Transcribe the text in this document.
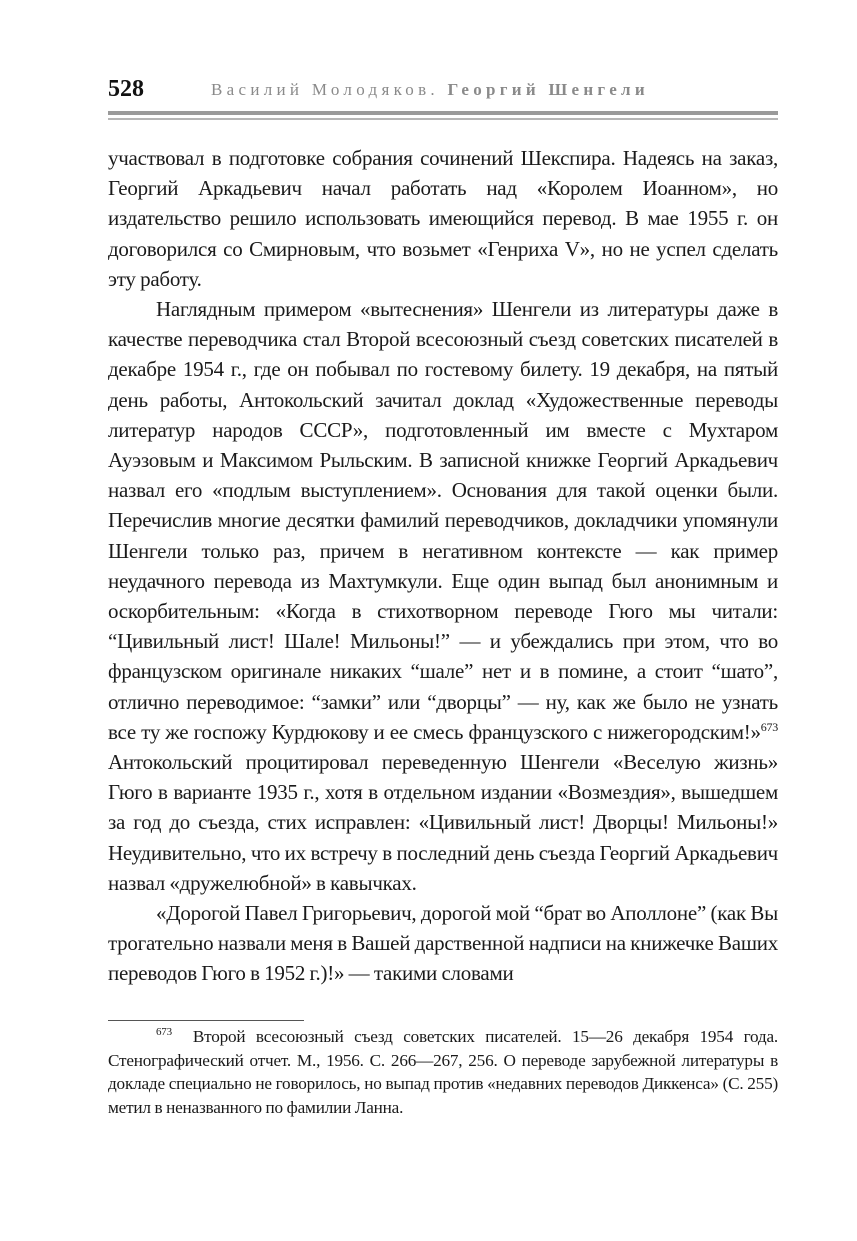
528	Василий Молодяков. Георгий Шенгели

участвовал в подготовке собрания сочинений Шекспира. Надеясь на заказ, Георгий Аркадьевич начал работать над «Королем Иоанном», но издательство решило использовать имеющийся перевод. В мае 1955 г. он договорился со Смирновым, что возьмет «Генриха V», но не успел сделать эту работу.

Наглядным примером «вытеснения» Шенгели из литературы даже в качестве переводчика стал Второй всесоюзный съезд советских писателей в декабре 1954 г., где он побывал по гостевому билету. 19 декабря, на пятый день работы, Антокольский зачитал доклад «Художественные переводы литератур народов СССР», подготовленный им вместе с Мухтаром Ауэзовым и Максимом Рыльским. В записной книжке Георгий Аркадьевич назвал его «подлым выступлением». Основания для такой оценки были. Перечислив многие десятки фамилий переводчиков, докладчики упомянули Шенгели только раз, причем в негативном контексте — как пример неудачного перевода из Махтумкули. Еще один выпад был анонимным и оскорбительным: «Когда в стихотворном переводе Гюго мы читали: “Цивильный лист! Шале! Мильоны!” — и убеждались при этом, что во французском оригинале никаких “шале” нет и в помине, а стоит “шато”, отлично переводимое: “замки” или “дворцы” — ну, как же было не узнать все ту же госпожу Курдюкову и ее смесь французского с нижегородским!»$^{673}$ Антокольский процитировал переведенную Шенгели «Веселую жизнь» Гюго в варианте 1935 г., хотя в отдельном издании «Возмездия», вышедшем за год до съезда, стих исправлен: «Цивильный лист! Дворцы! Мильоны!» Неудивительно, что их встречу в последний день съезда Георгий Аркадьевич назвал «дружелюбной» в кавычках.

«Дорогой Павел Григорьевич, дорогой мой “брат во Аполлоне” (как Вы трогательно назвали меня в Вашей дарственной надписи на книжечке Ваших переводов Гюго в 1952 г.)!» — такими словами

$^{673}$ Второй всесоюзный съезд советских писателей. 15—26 декабря 1954 года. Стенографический отчет. М., 1956. С. 266—267, 256. О переводе зарубежной литературы в докладе специально не говорилось, но выпад против «недавних переводов Диккенса» (С. 255) метил в неназванного по фамилии Ланна.
